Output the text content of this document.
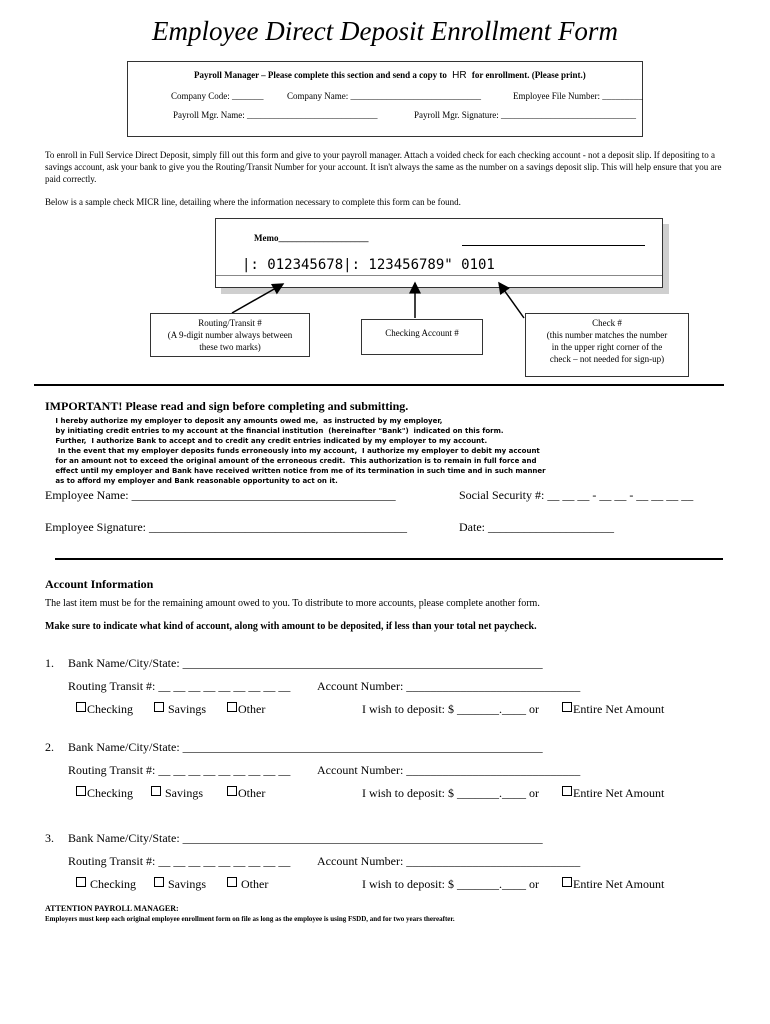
Employee Direct Deposit Enrollment Form
Payroll Manager – Please complete this section and send a copy to HR for enrollment. (Please print.)
Company Code: _______	Company Name: _____________________________	Employee File Number: _________
Payroll Mgr. Name: _____________________________	Payroll Mgr. Signature: ______________________________
To enroll in Full Service Direct Deposit, simply fill out this form and give to your payroll manager. Attach a voided check for each checking account - not a deposit slip. If depositing to a savings account, ask your bank to give you the Routing/Transit Number for your account. It isn't always the same as the number on a savings deposit slip. This will help ensure that you are paid correctly.
Below is a sample check MICR line, detailing where the information necessary to complete this form can be found.
Memo____________________
|: 012345678|: 123456789" 0101
Routing/Transit #
(A 9-digit number always between
these two marks)
Checking Account #
Check #
(this number matches the number
in the upper right corner of the
check – not needed for sign-up)
IMPORTANT! Please read and sign before completing and submitting.
I hereby authorize my employer to deposit any amounts owed me,  as instructed by my employer,
by initiating credit entries to my account at the financial institution  (hereinafter "Bank")  indicated on this form.
Further,  I authorize Bank to accept and to credit any credit entries indicated by my employer to my account.
In the event that my employer deposits funds erroneously into my account,  I authorize my employer to debit my account
for an amount not to exceed the original amount of the erroneous credit.  This authorization is to remain in full force and
effect until my employer and Bank have received written notice from me of its termination in such time and in such manner
as to afford my employer and Bank reasonable opportunity to act on it.
Employee Name: ____________________________________________	Social Security #: __ __ __ - __ __ - __ __ __ __
Employee Signature: ___________________________________________	Date: _____________________
Account Information
The last item must be for the remaining amount owed to you. To distribute to more accounts, please complete another form.
Make sure to indicate what kind of account, along with amount to be deposited, if less than your total net paycheck.
1. Bank Name/City/State: ____________________________________________________________
Routing Transit #: __ __ __ __ __ __ __ __ __ Account Number: _____________________________
Checking	Savings	Other	I wish to deposit: $ _______.____ or	Entire Net Amount
2. Bank Name/City/State: ____________________________________________________________
Routing Transit #: __ __ __ __ __ __ __ __ __ Account Number: _____________________________
Checking	Savings	Other	I wish to deposit: $ _______.____ or	Entire Net Amount
3. Bank Name/City/State: ____________________________________________________________
Routing Transit #: __ __ __ __ __ __ __ __ __ Account Number: _____________________________
Checking	Savings	Other	I wish to deposit: $ _______.____ or	Entire Net Amount
ATTENTION PAYROLL MANAGER:
Employers must keep each original employee enrollment form on file as long as the employee is using FSDD, and for two years thereafter.
